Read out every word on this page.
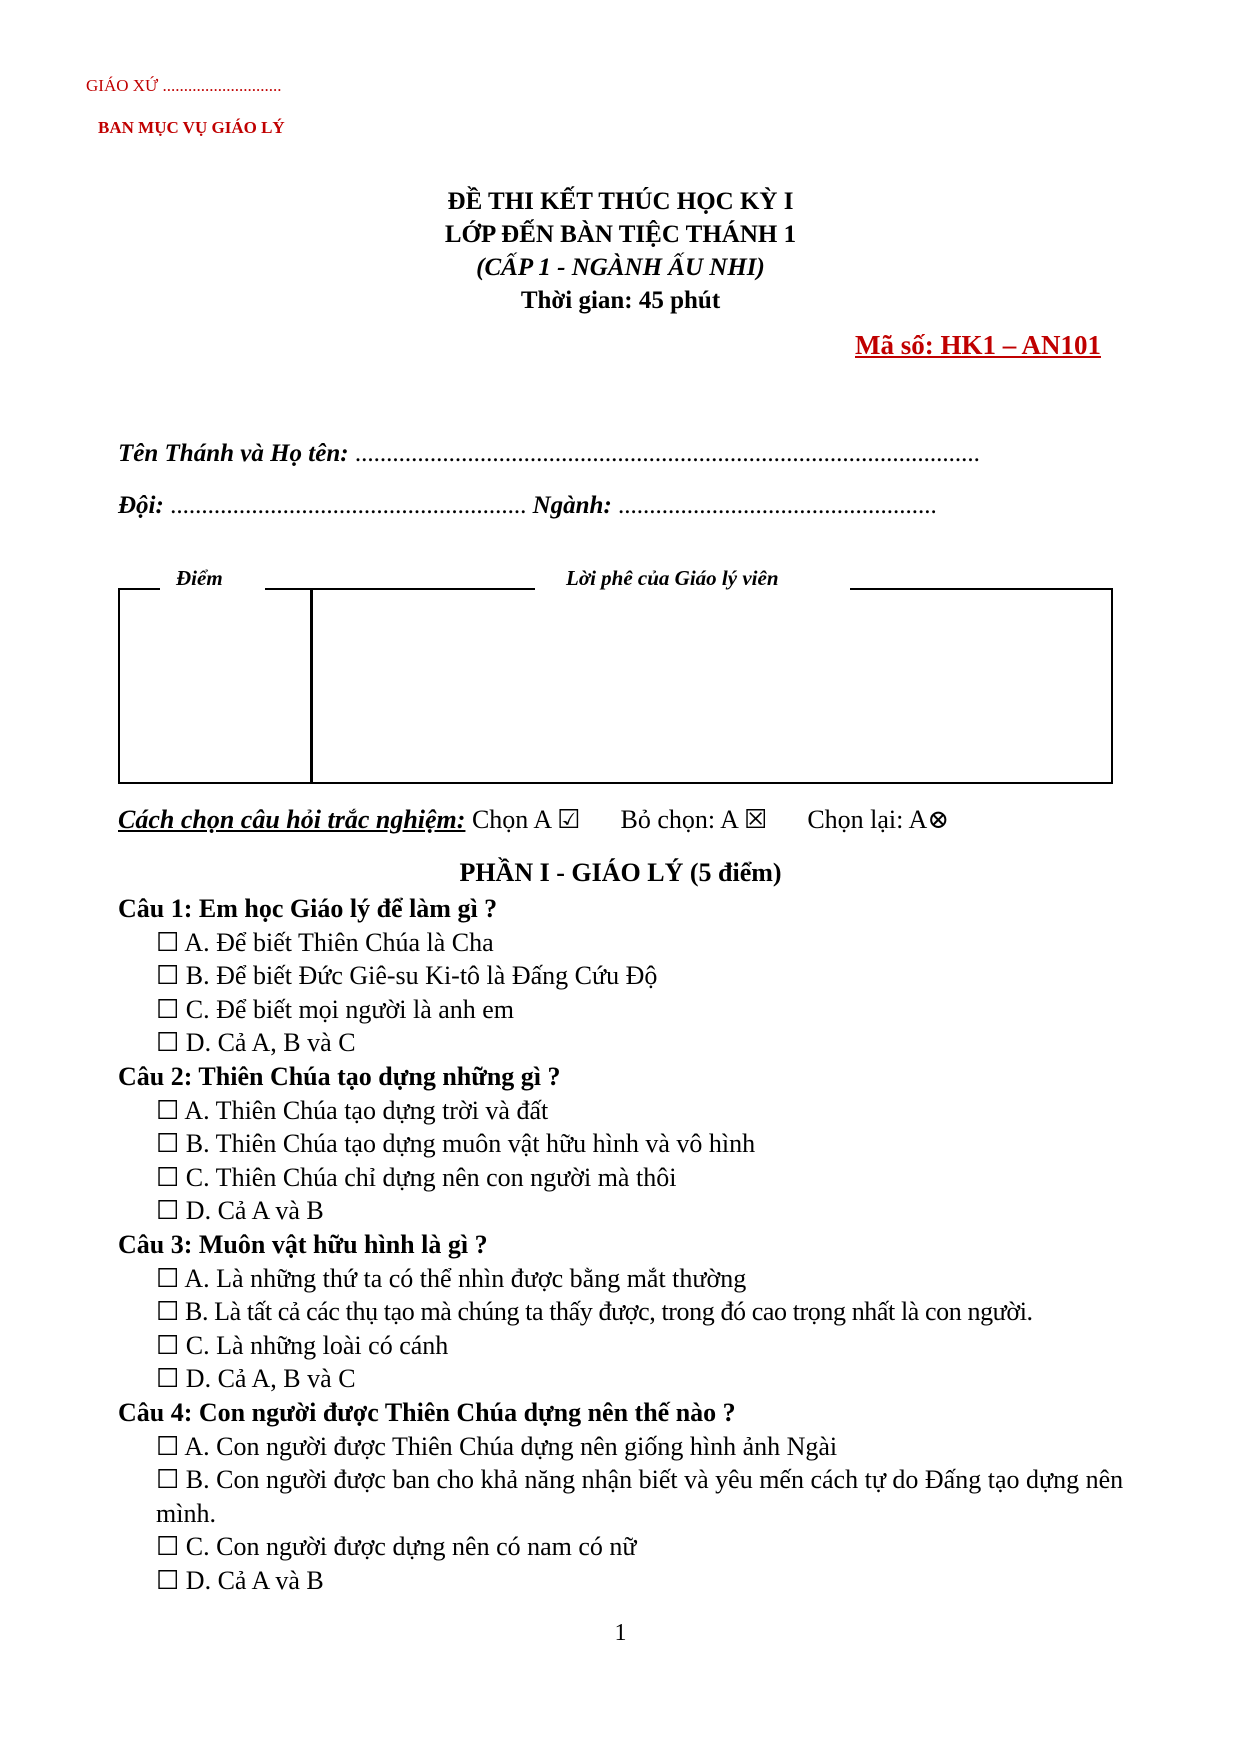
GIÁO XỨ ............................
BAN MỤC VỤ GIÁO LÝ
ĐỀ THI KẾT THÚC HỌC KỲ I
LỚP ĐẾN BÀN TIỆC THÁNH 1
(CẤP 1 - NGÀNH ẤU NHI)
Thời gian: 45 phút
Mã số: HK1 – AN101
Tên Thánh và Họ tên: ....................................................................................................
Đội: ......................................................... Ngành: ...................................................
Điểm	Lời phê của Giáo lý viên
Cách chọn câu hỏi trắc nghiệm: Chọn A ☑ Bỏ chọn: A ☒ Chọn lại: A⊗
PHẦN I - GIÁO LÝ (5 điểm)
Câu 1: Em học Giáo lý để làm gì ?
☐ A. Để biết Thiên Chúa là Cha
☐ B. Để biết Đức Giê-su Ki-tô là Đấng Cứu Độ
☐ C. Để biết mọi người là anh em
☐ D. Cả A, B và C
Câu 2: Thiên Chúa tạo dựng những gì ?
☐ A. Thiên Chúa tạo dựng trời và đất
☐ B. Thiên Chúa tạo dựng muôn vật hữu hình và vô hình
☐ C. Thiên Chúa chỉ dựng nên con người mà thôi
☐ D. Cả A và B
Câu 3: Muôn vật hữu hình là gì ?
☐ A. Là những thứ ta có thể nhìn được bằng mắt thường
☐ B. Là tất cả các thụ tạo mà chúng ta thấy được, trong đó cao trọng nhất là con người.
☐ C. Là những loài có cánh
☐ D. Cả A, B và C
Câu 4: Con người được Thiên Chúa dựng nên thế nào ?
☐ A. Con người được Thiên Chúa dựng nên giống hình ảnh Ngài
☐ B. Con người được ban cho khả năng nhận biết và yêu mến cách tự do Đấng tạo dựng nên mình.
☐ C. Con người được dựng nên có nam có nữ
☐ D. Cả A và B
1
